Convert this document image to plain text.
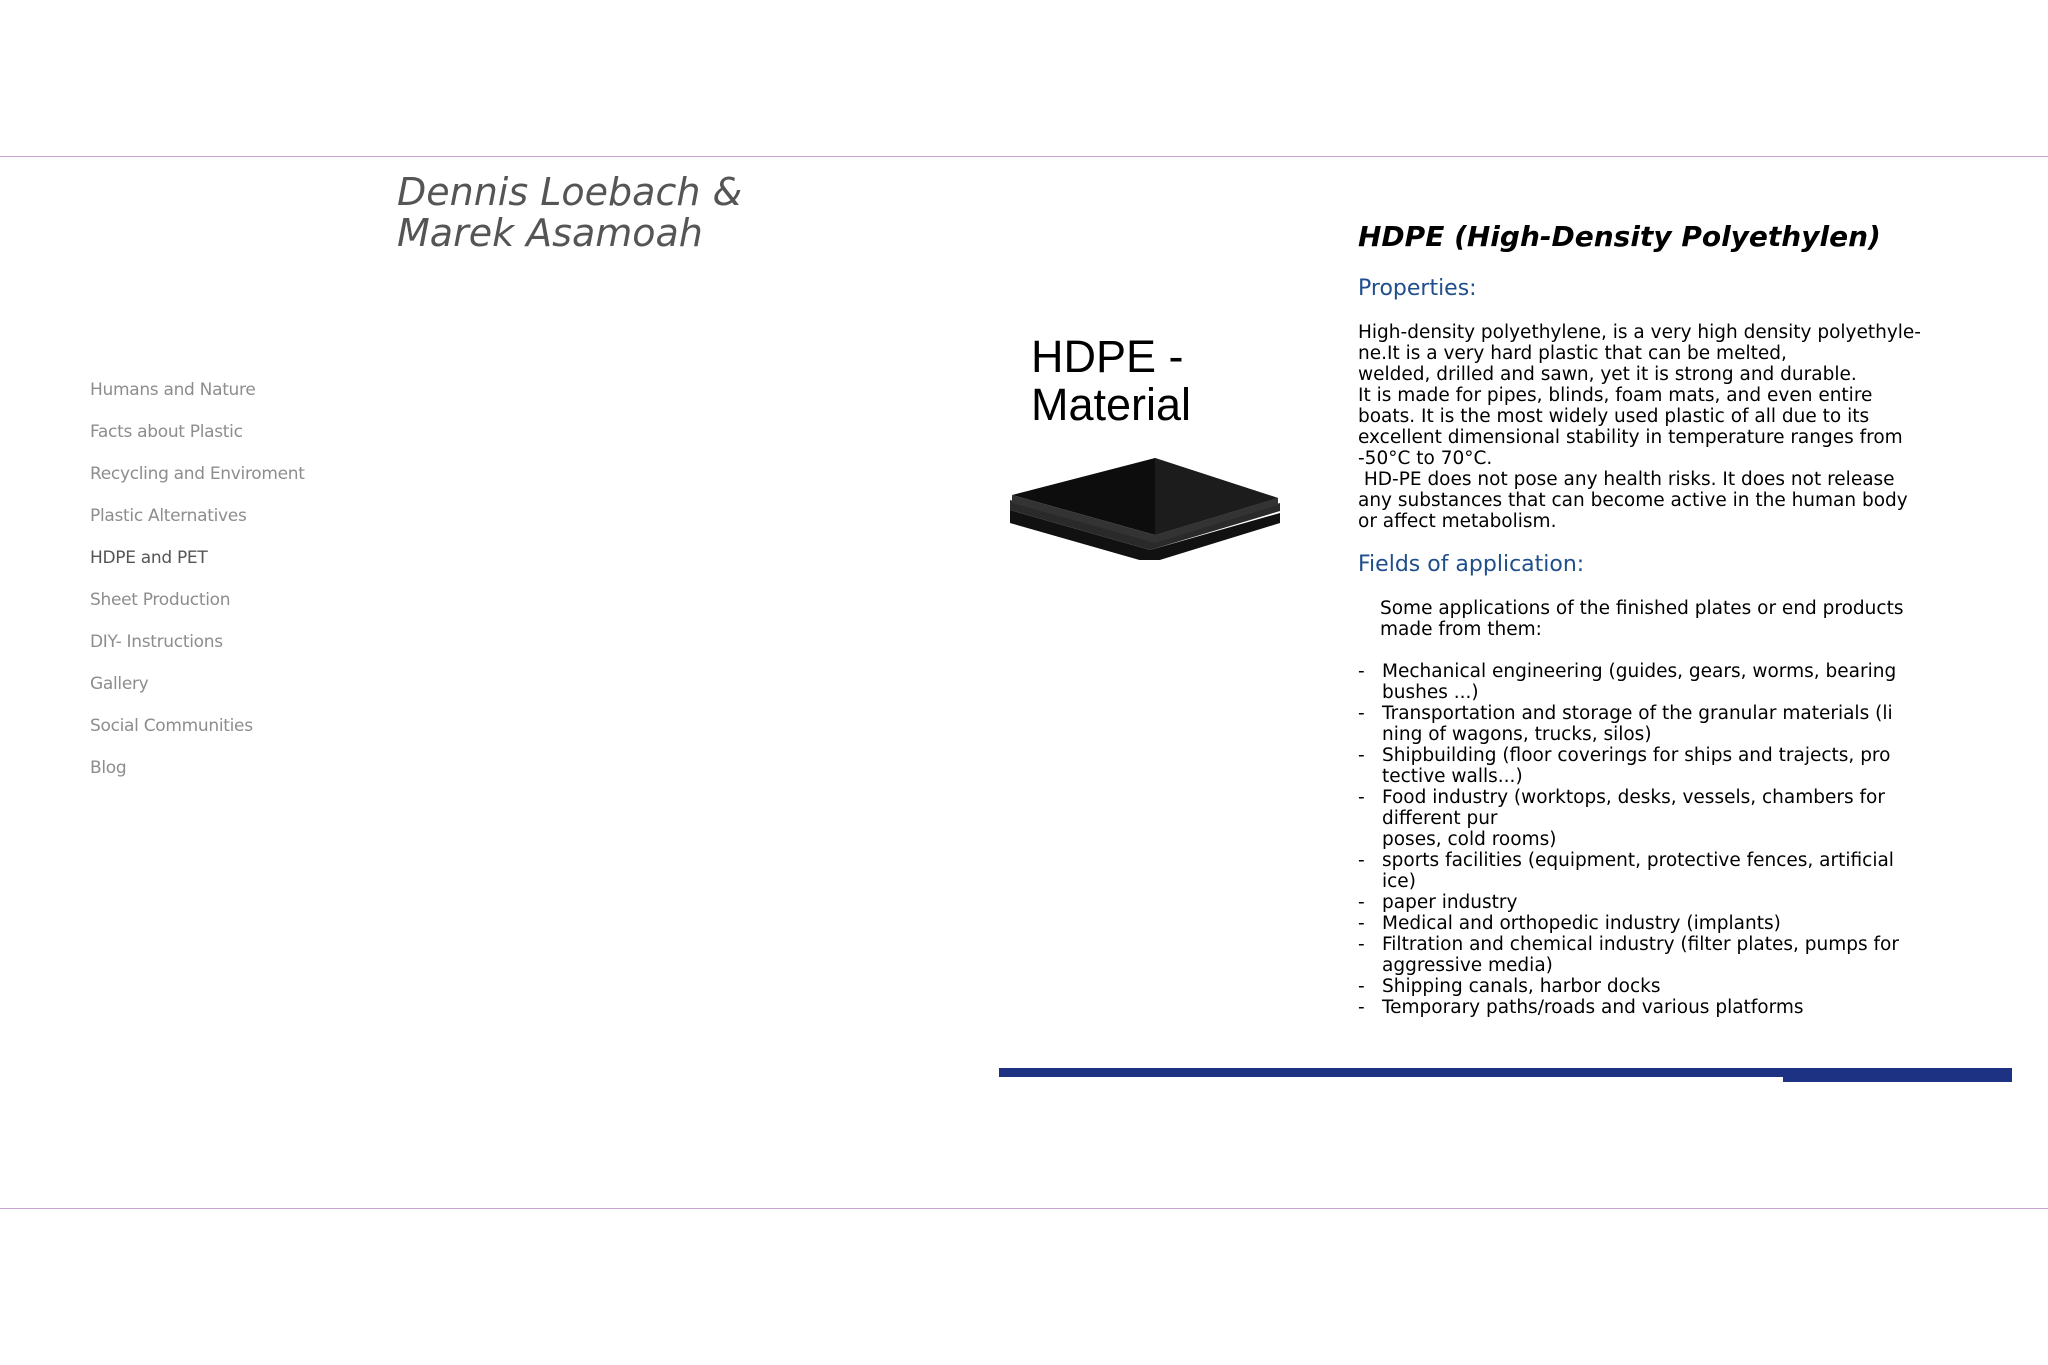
Dennis Loebach &
Marek Asamoah
Humans and Nature
Facts about Plastic
Recycling and Enviroment
Plastic Alternatives
HDPE and PET
Sheet Production
DIY- Instructions
Gallery
Social Communities
Blog
HDPE -
Material
HDPE (High-Density Polyethylen)
Properties:
High-density polyethylene, is a very high density polyethyle-
ne.It is a very hard plastic that can be melted,
welded, drilled and sawn, yet it is strong and durable.
It is made for pipes, blinds, foam mats, and even entire
boats. It is the most widely used plastic of all due to its
excellent dimensional stability in temperature ranges from
-50°C to 70°C.
HD-PE does not pose any health risks. It does not release
any substances that can become active in the human body
or affect metabolism.
Fields of application:
Some applications of the finished plates or end products
made from them:
- Mechanical engineering (guides, gears, worms, bearing
bushes ...)
- Transportation and storage of the granular materials (li
ning of wagons, trucks, silos)
- Shipbuilding (floor coverings for ships and trajects, pro
tective walls...)
- Food industry (worktops, desks, vessels, chambers for
different pur
poses, cold rooms)
- sports facilities (equipment, protective fences, artificial
ice)
- paper industry
- Medical and orthopedic industry (implants)
- Filtration and chemical industry (filter plates, pumps for
aggressive media)
- Shipping canals, harbor docks
- Temporary paths/roads and various platforms
